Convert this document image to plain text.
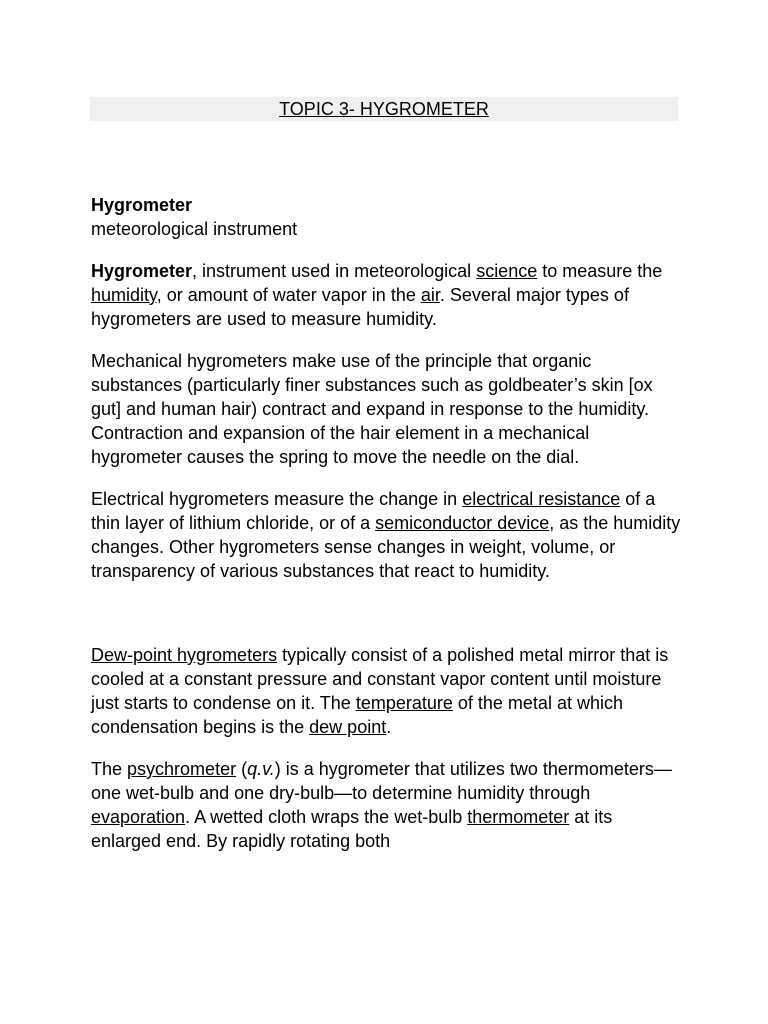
TOPIC 3- HYGROMETER

Hygrometer

meteorological instrument

Hygrometer, instrument used in meteorological science to measure the humidity, or amount of water vapor in the air. Several major types of hygrometers are used to measure humidity.

Mechanical hygrometers make use of the principle that organic substances (particularly finer substances such as goldbeater’s skin [ox gut] and human hair) contract and expand in response to the humidity. Contraction and expansion of the hair element in a mechanical hygrometer causes the spring to move the needle on the dial.

Electrical hygrometers measure the change in electrical resistance of a thin layer of lithium chloride, or of a semiconductor device, as the humidity changes. Other hygrometers sense changes in weight, volume, or transparency of various substances that react to humidity.

Dew-point hygrometers typically consist of a polished metal mirror that is cooled at a constant pressure and constant vapor content until moisture just starts to condense on it. The temperature of the metal at which condensation begins is the dew point.

The psychrometer (q.v.) is a hygrometer that utilizes two thermometers—one wet-bulb and one dry-bulb—to determine humidity through evaporation. A wetted cloth wraps the wet-bulb thermometer at its enlarged end. By rapidly rotating both
